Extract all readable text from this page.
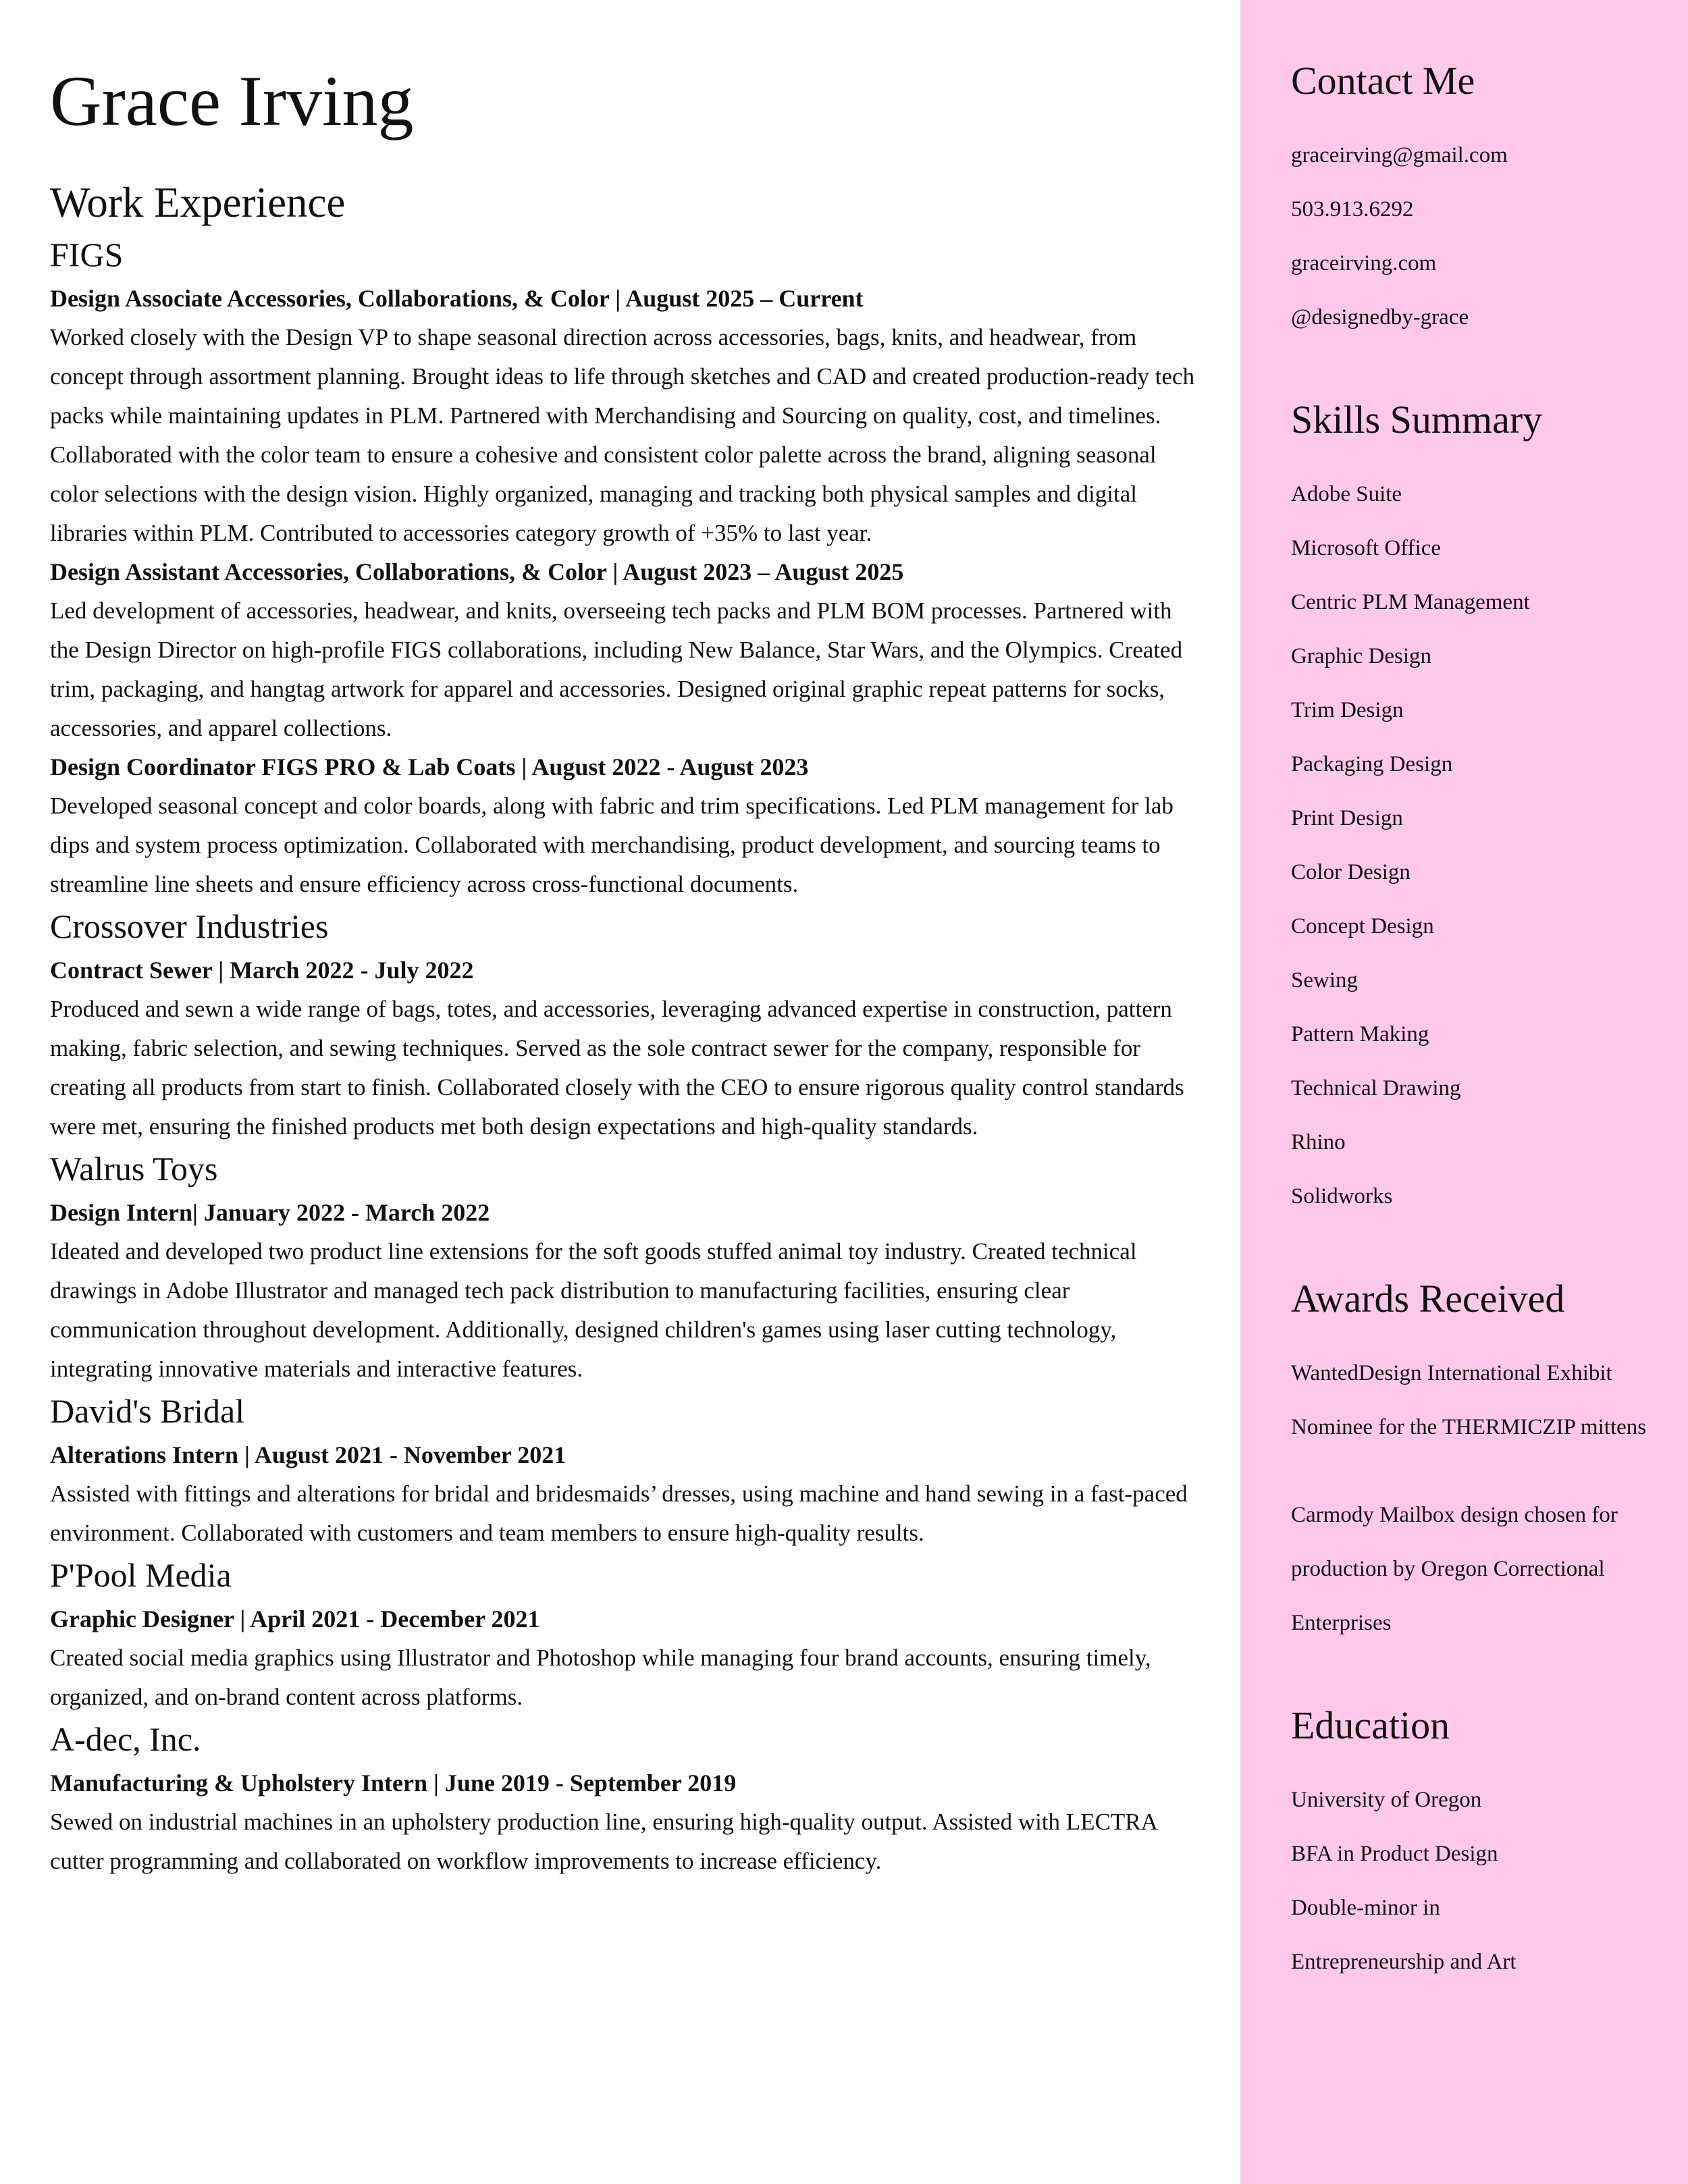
Grace Irving
Work Experience
FIGS

Design Associate Accessories, Collaborations, & Color | August 2025 – Current

Worked closely with the Design VP to shape seasonal direction across accessories, bags, knits, and headwear, from concept through assortment planning. Brought ideas to life through sketches and CAD and created production-ready tech packs while maintaining updates in PLM. Partnered with Merchandising and Sourcing on quality, cost, and timelines. Collaborated with the color team to ensure a cohesive and consistent color palette across the brand, aligning seasonal color selections with the design vision. Highly organized, managing and tracking both physical samples and digital libraries within PLM. Contributed to accessories category growth of +35% to last year.

Design Assistant Accessories, Collaborations, & Color | August 2023 – August 2025

Led development of accessories, headwear, and knits, overseeing tech packs and PLM BOM processes. Partnered with the Design Director on high-profile FIGS collaborations, including New Balance, Star Wars, and the Olympics. Created trim, packaging, and hangtag artwork for apparel and accessories. Designed original graphic repeat patterns for socks, accessories, and apparel collections.

Design Coordinator FIGS PRO & Lab Coats | August 2022 - August 2023

Developed seasonal concept and color boards, along with fabric and trim specifications. Led PLM management for lab dips and system process optimization. Collaborated with merchandising, product development, and sourcing teams to streamline line sheets and ensure efficiency across cross-functional documents.

Crossover Industries

Contract Sewer | March 2022 - July 2022

Produced and sewn a wide range of bags, totes, and accessories, leveraging advanced expertise in construction, pattern making, fabric selection, and sewing techniques. Served as the sole contract sewer for the company, responsible for creating all products from start to finish. Collaborated closely with the CEO to ensure rigorous quality control standards were met, ensuring the finished products met both design expectations and high-quality standards.

Walrus Toys

Design Intern| January 2022 - March 2022

Ideated and developed two product line extensions for the soft goods stuffed animal toy industry. Created technical drawings in Adobe Illustrator and managed tech pack distribution to manufacturing facilities, ensuring clear communication throughout development. Additionally, designed children's games using laser cutting technology, integrating innovative materials and interactive features.

David's Bridal

Alterations Intern | August 2021 - November 2021

Assisted with fittings and alterations for bridal and bridesmaids’ dresses, using machine and hand sewing in a fast-paced environment. Collaborated with customers and team members to ensure high-quality results.

P'Pool Media

Graphic Designer | April 2021 - December 2021

Created social media graphics using Illustrator and Photoshop while managing four brand accounts, ensuring timely, organized, and on-brand content across platforms.

A-dec, Inc.

Manufacturing & Upholstery Intern | June 2019 - September 2019

Sewed on industrial machines in an upholstery production line, ensuring high-quality output. Assisted with LECTRA cutter programming and collaborated on workflow improvements to increase efficiency.

Contact Me
graceirving@gmail.com
503.913.6292
graceirving.com
@designedby-grace
Skills Summary
Adobe Suite
Microsoft Office
Centric PLM Management
Graphic Design
Trim Design
Packaging Design
Print Design
Color Design
Concept Design
Sewing
Pattern Making
Technical Drawing
Rhino
Solidworks
Awards Received

WantedDesign International Exhibit Nominee for the THERMICZIP mittens

Carmody Mailbox design chosen for production by Oregon Correctional Enterprises

Education
University of Oregon
BFA in Product Design
Double-minor in
Entrepreneurship and Art
